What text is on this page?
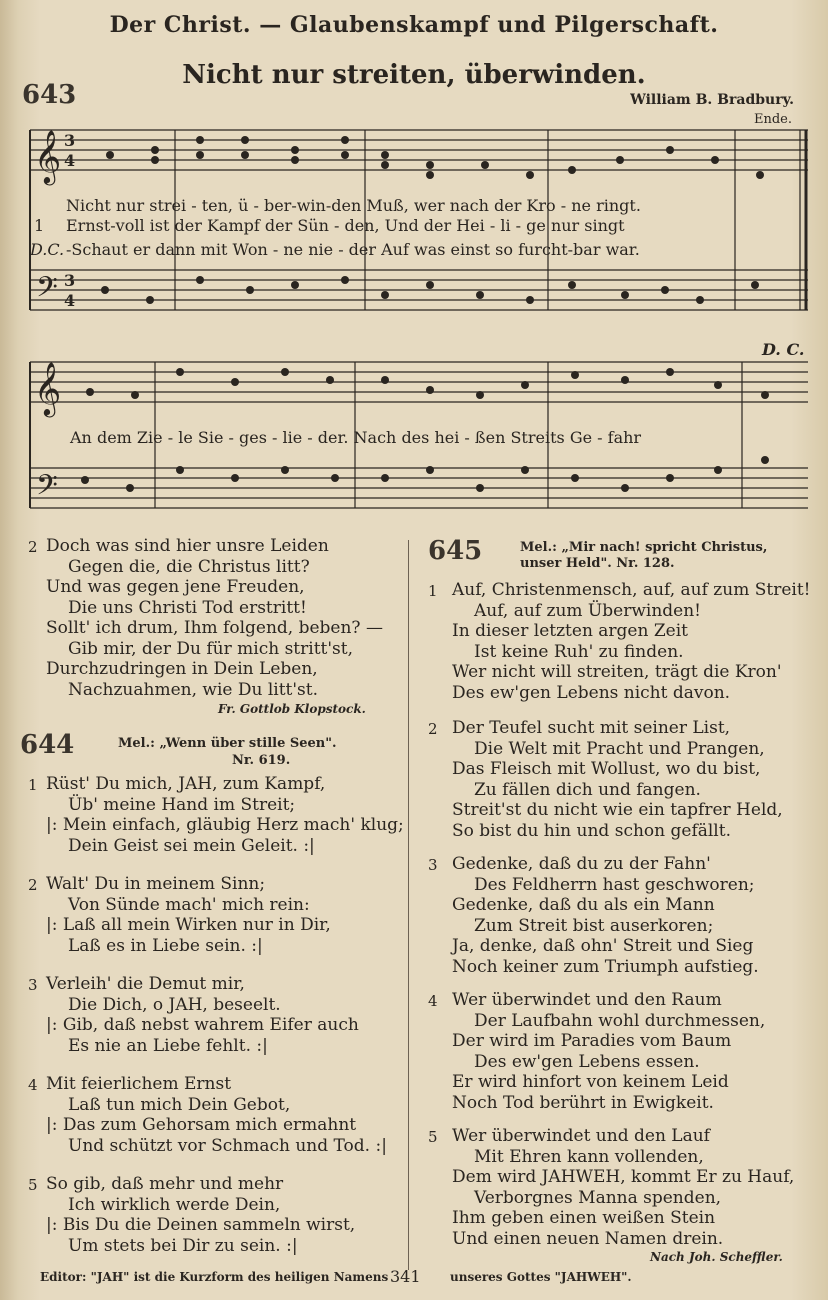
Der Christ. — Glaubenskampf und Pilgerschaft.
643
Nicht nur streiten, überwinden.
William B. Bradbury.
Ende.
𝄞
𝄢
𝄞
𝄢
3
4
3
4
Nicht nur strei - ten, ü - ber-win-den Muß, wer nach der Kro - ne ringt.
1 Ernst-voll ist der Kampf der Sün - den, Und der Hei - li - ge nur singt
D.C. -Schaut er dann mit Won - ne nie - der Auf was einst so furcht-bar war.
D. C.
An dem Zie - le Sie - ges - lie - der. Nach des hei - ßen Streits Ge - fahr
2 Doch was sind hier unsre Leiden
Gegen die, die Christus litt?
Und was gegen jene Freuden,
Die uns Christi Tod erstritt!
Sollt' ich drum, Ihm folgend, beben? —
Gib mir, der Du für mich stritt'st,
Durchzudringen in Dein Leben,
Nachzuahmen, wie Du litt'st.
Fr. Gottlob Klopstock.
644	Mel.: „Wenn über stille Seen".
Nr. 619.
1 Rüst' Du mich, JAH, zum Kampf,
Üb' meine Hand im Streit;
|: Mein einfach, gläubig Herz mach' klug;
Dein Geist sei mein Geleit. :|
2 Walt' Du in meinem Sinn;
Von Sünde mach' mich rein:
|: Laß all mein Wirken nur in Dir,
Laß es in Liebe sein. :|
3 Verleih' die Demut mir,
Die Dich, o JAH, beseelt.
|: Gib, daß nebst wahrem Eifer auch
Es nie an Liebe fehlt. :|
4 Mit feierlichem Ernst
Laß tun mich Dein Gebot,
|: Das zum Gehorsam mich ermahnt
Und schützt vor Schmach und Tod. :|
5 So gib, daß mehr und mehr
Ich wirklich werde Dein,
|: Bis Du die Deinen sammeln wirst,
Um stets bei Dir zu sein. :|
645	Mel.: „Mir nach! spricht Christus, unser Held". Nr. 128.
1 Auf, Christenmensch, auf, auf zum Streit!
Auf, auf zum Überwinden!
In dieser letzten argen Zeit
Ist keine Ruh' zu finden.
Wer nicht will streiten, trägt die Kron'
Des ew'gen Lebens nicht davon.
2 Der Teufel sucht mit seiner List,
Die Welt mit Pracht und Prangen,
Das Fleisch mit Wollust, wo du bist,
Zu fällen dich und fangen.
Streit'st du nicht wie ein tapfrer Held,
So bist du hin und schon gefällt.
3 Gedenke, daß du zu der Fahn'
Des Feldherrn hast geschworen;
Gedenke, daß du als ein Mann
Zum Streit bist auserkoren;
Ja, denke, daß ohn' Streit und Sieg
Noch keiner zum Triumph aufstieg.
4 Wer überwindet und den Raum
Der Laufbahn wohl durchmessen,
Der wird im Paradies vom Baum
Des ew'gen Lebens essen.
Er wird hinfort von keinem Leid
Noch Tod berührt in Ewigkeit.
5 Wer überwindet und den Lauf
Mit Ehren kann vollenden,
Dem wird JAHWEH, kommt Er zu Hauf,
Verborgnes Manna spenden,
Ihm geben einen weißen Stein
Und einen neuen Namen drein.
Nach Joh. Scheffler.
Editor: "JAH" ist die Kurzform des heiligen Namens 341 unseres Gottes "JAHWEH".
